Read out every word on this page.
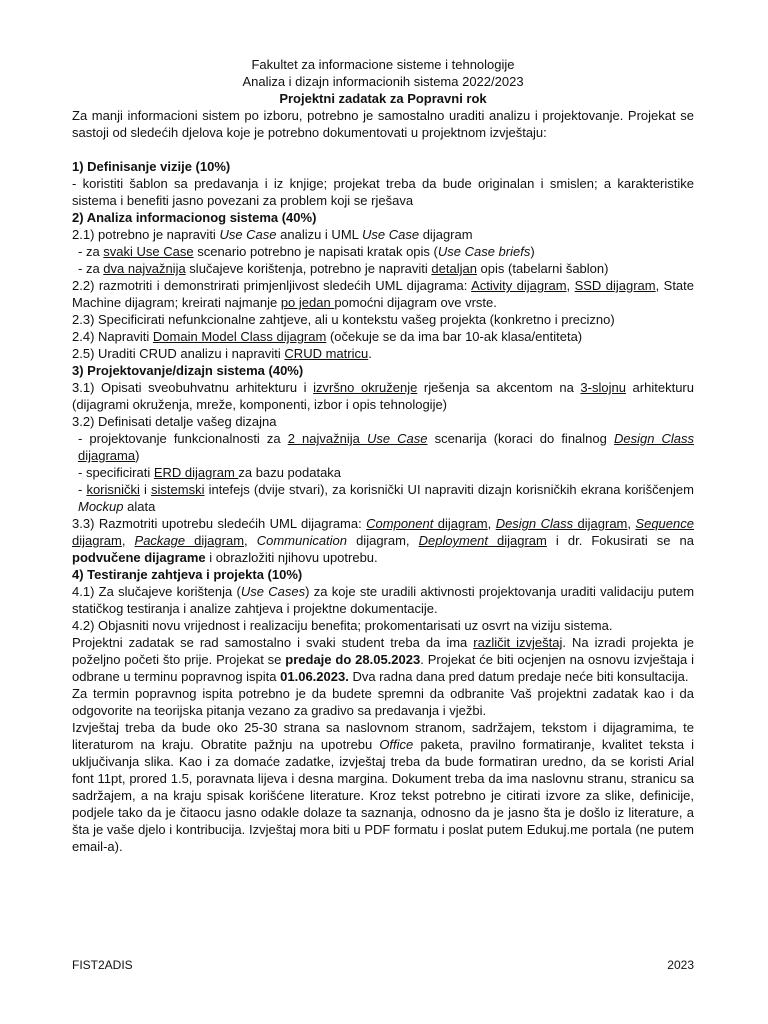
Fakultet za informacione sisteme i tehnologije
Analiza i dizajn informacionih sistema 2022/2023
Projektni zadatak za Popravni rok
Za manji informacioni sistem po izboru, potrebno je samostalno uraditi analizu i projektovanje. Projekat se sastoji od sledećih djelova koje je potrebno dokumentovati u projektnom izvještaju:
1) Definisanje vizije (10%)
- koristiti šablon sa predavanja i iz knjige; projekat treba da bude originalan i smislen; a karakteristike sistema i benefiti jasno povezani za problem koji se rješava
2) Analiza informacionog sistema (40%)
2.1) potrebno je napraviti Use Case analizu i UML Use Case dijagram
- za svaki Use Case scenario potrebno je napisati kratak opis (Use Case briefs)
- za dva najvažnija slučajeve korištenja, potrebno je napraviti detaljan opis (tabelarni šablon)
2.2) razmotriti i demonstrirati primjenljivost sledećih UML dijagrama: Activity dijagram, SSD dijagram, State Machine dijagram; kreirati najmanje po jedan pomoćni dijagram ove vrste.
2.3) Specificirati nefunkcionalne zahtjeve, ali u kontekstu vašeg projekta (konkretno i precizno)
2.4) Napraviti Domain Model Class dijagram (očekuje se da ima bar 10-ak klasa/entiteta)
2.5) Uraditi CRUD analizu i napraviti CRUD matricu.
3) Projektovanje/dizajn sistema (40%)
3.1) Opisati sveobuhvatnu arhitekturu i izvršno okruženje rješenja sa akcentom na 3-slojnu arhitekturu (dijagrami okruženja, mreže, komponenti, izbor i opis tehnologije)
3.2) Definisati detalje vašeg dizajna
- projektovanje funkcionalnosti za 2 najvažnija Use Case scenarija (koraci do finalnog Design Class dijagrama)
- specificirati ERD dijagram za bazu podataka
- korisnički i sistemski intefejs (dvije stvari), za korisnički UI napraviti dizajn korisničkih ekrana koriščenjem Mockup alata
3.3) Razmotriti upotrebu sledećih UML dijagrama: Component dijagram, Design Class dijagram, Sequence dijagram, Package dijagram, Communication dijagram, Deployment dijagram i dr. Fokusirati se na podvučene dijagrame i obrazložiti njihovu upotrebu.
4) Testiranje zahtjeva i projekta (10%)
4.1) Za slučajeve korištenja (Use Cases) za koje ste uradili aktivnosti projektovanja uraditi validaciju putem statičkog testiranja i analize zahtjeva i projektne dokumentacije.
4.2) Objasniti novu vrijednost i realizaciju benefita; prokomentarisati uz osvrt na viziju sistema.
Projektni zadatak se rad samostalno i svaki student treba da ima različit izvještaj. Na izradi projekta je poželjno početi što prije. Projekat se predaje do 28.05.2023. Projekat će biti ocjenjen na osnovu izvještaja i odbrane u terminu popravnog ispita 01.06.2023. Dva radna dana pred datum predaje neće biti konsultacija.
Za termin popravnog ispita potrebno je da budete spremni da odbranite Vaš projektni zadatak kao i da odgovorite na teorijska pitanja vezano za gradivo sa predavanja i vježbi.
Izvještaj treba da bude oko 25-30 strana sa naslovnom stranom, sadržajem, tekstom i dijagramima, te literaturom na kraju. Obratite pažnju na upotrebu Office paketa, pravilno formatiranje, kvalitet teksta i uključivanja slika. Kao i za domaće zadatke, izvještaj treba da bude formatiran uredno, da se koristi Arial font 11pt, prored 1.5, poravnata lijeva i desna margina. Dokument treba da ima naslovnu stranu, stranicu sa sadržajem, a na kraju spisak korišćene literature. Kroz tekst potrebno je citirati izvore za slike, definicije, podjele tako da je čitaocu jasno odakle dolaze ta saznanja, odnosno da je jasno šta je došlo iz literature, a šta je vaše djelo i kontribucija. Izvještaj mora biti u PDF formatu i poslat putem Edukuj.me portala (ne putem email-a).
FIST2ADIS	2023
